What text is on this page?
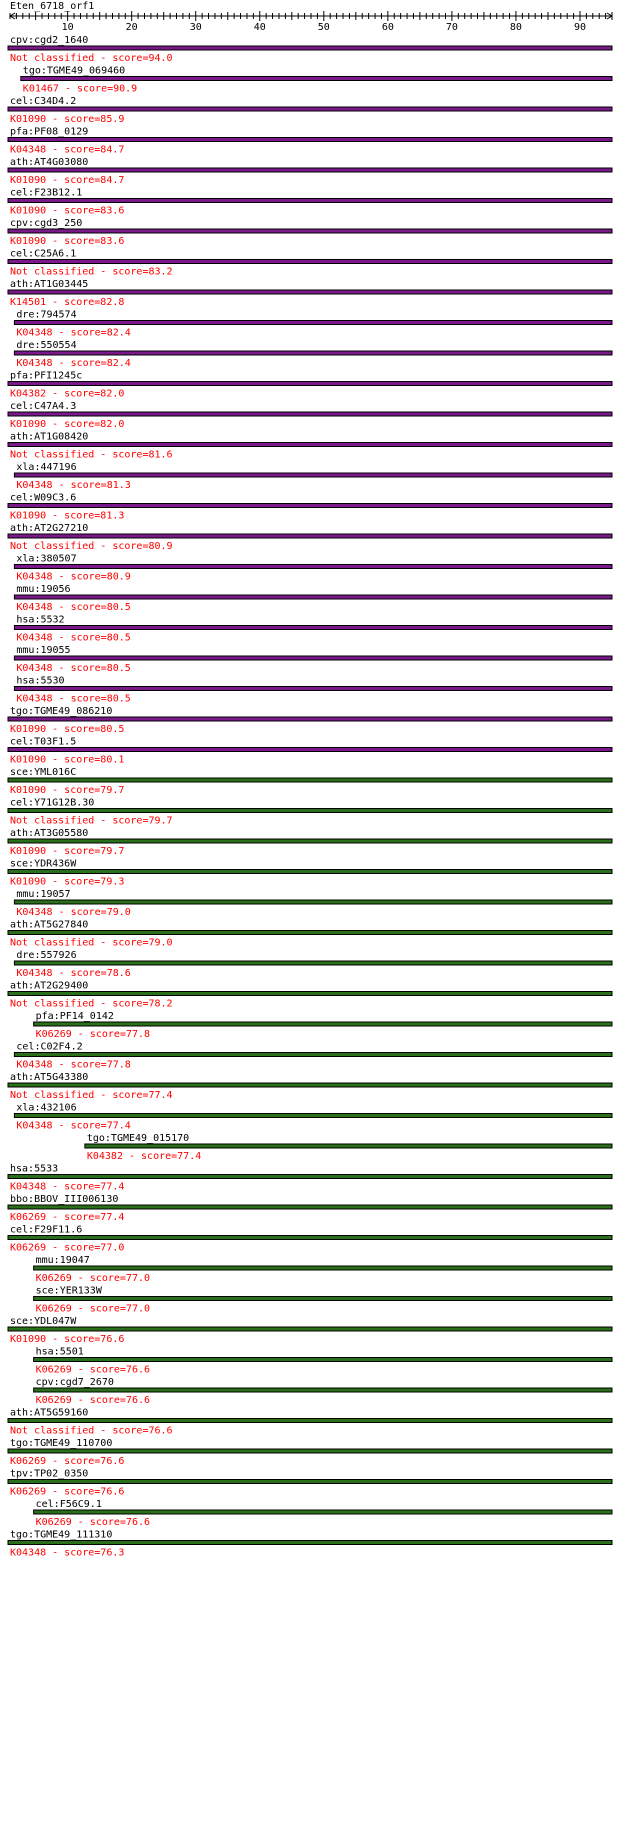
Eten_6718_orf1
10	20	30	40	50	60	70	80	90
cpv:cgd2_1640
Not classified - score=94.0
tgo:TGME49_069460
K01467 - score=90.9
cel:C34D4.2
K01090 - score=85.9
pfa:PF08_0129
K04348 - score=84.7
ath:AT4G03080
K01090 - score=84.7
cel:F23B12.1
K01090 - score=83.6
cpv:cgd3_250
K01090 - score=83.6
cel:C25A6.1
Not classified - score=83.2
ath:AT1G03445
K14501 - score=82.8
dre:794574
K04348 - score=82.4
dre:550554
K04348 - score=82.4
pfa:PFI1245c
K04382 - score=82.0
cel:C47A4.3
K01090 - score=82.0
ath:AT1G08420
Not classified - score=81.6
xla:447196
K04348 - score=81.3
cel:W09C3.6
K01090 - score=81.3
ath:AT2G27210
Not classified - score=80.9
xla:380507
K04348 - score=80.9
mmu:19056
K04348 - score=80.5
hsa:5532
K04348 - score=80.5
mmu:19055
K04348 - score=80.5
hsa:5530
K04348 - score=80.5
tgo:TGME49_086210
K01090 - score=80.5
cel:T03F1.5
K01090 - score=80.1
sce:YML016C
K01090 - score=79.7
cel:Y71G12B.30
Not classified - score=79.7
ath:AT3G05580
K01090 - score=79.7
sce:YDR436W
K01090 - score=79.3
mmu:19057
K04348 - score=79.0
ath:AT5G27840
Not classified - score=79.0
dre:557926
K04348 - score=78.6
ath:AT2G29400
Not classified - score=78.2
pfa:PF14_0142
K06269 - score=77.8
cel:C02F4.2
K04348 - score=77.8
ath:AT5G43380
Not classified - score=77.4
xla:432106
K04348 - score=77.4
tgo:TGME49_015170
K04382 - score=77.4
hsa:5533
K04348 - score=77.4
bbo:BBOV_III006130
K06269 - score=77.4
cel:F29F11.6
K06269 - score=77.0
mmu:19047
K06269 - score=77.0
sce:YER133W
K06269 - score=77.0
sce:YDL047W
K01090 - score=76.6
hsa:5501
K06269 - score=76.6
cpv:cgd7_2670
K06269 - score=76.6
ath:AT5G59160
Not classified - score=76.6
tgo:TGME49_110700
K06269 - score=76.6
tpv:TP02_0350
K06269 - score=76.6
cel:F56C9.1
K06269 - score=76.6
tgo:TGME49_111310
K04348 - score=76.3
